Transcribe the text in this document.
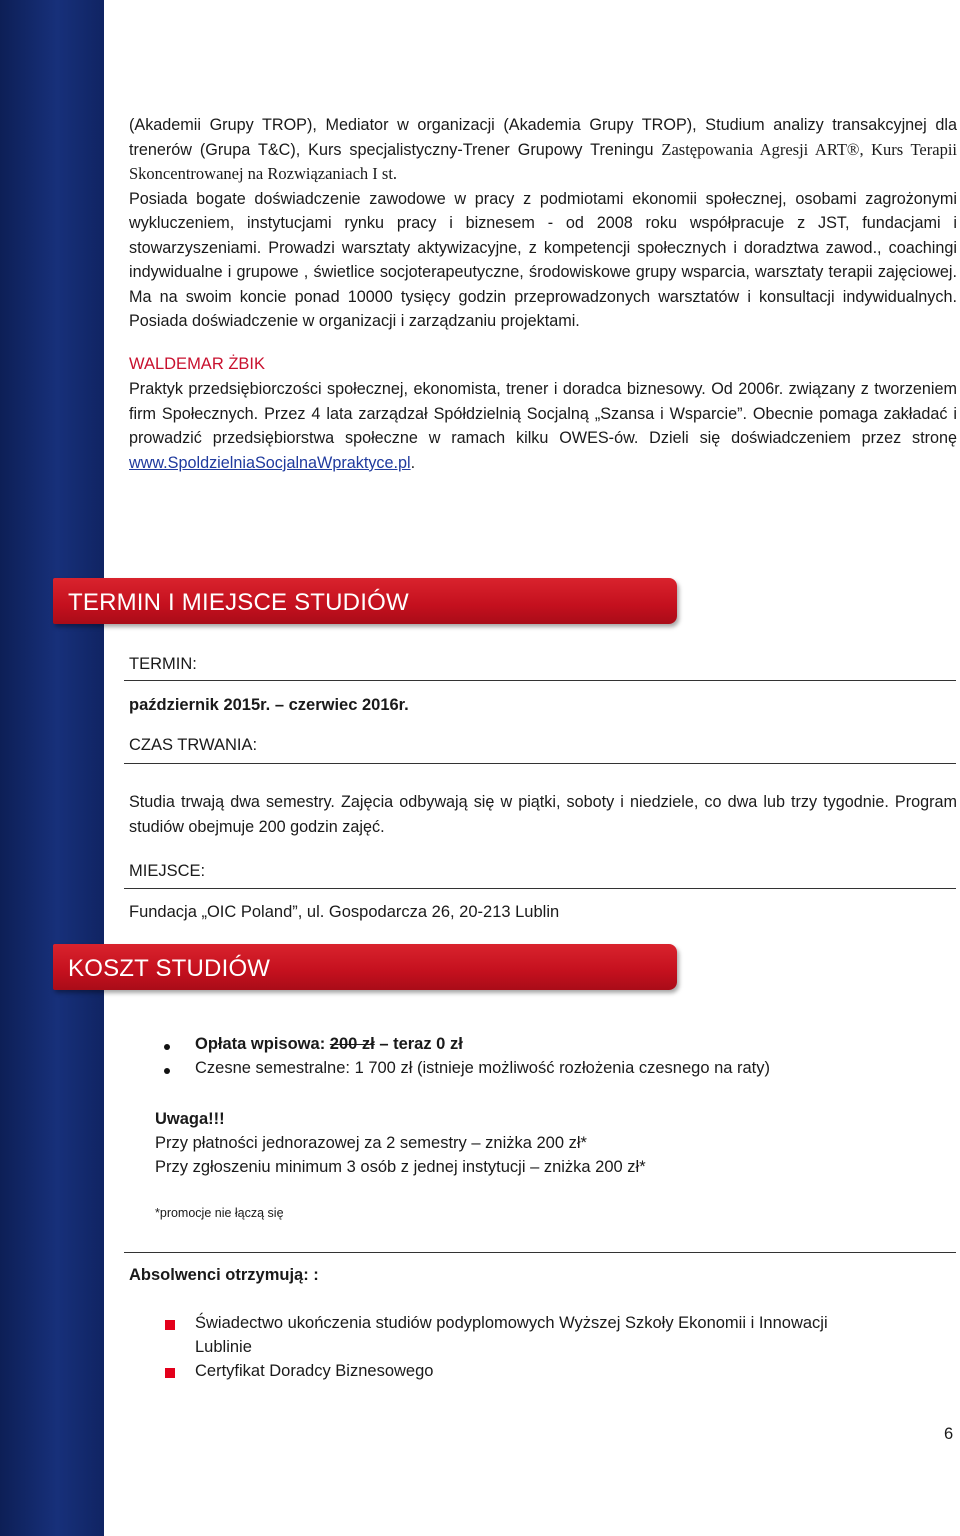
(Akademii Grupy TROP), Mediator w organizacji (Akademia Grupy TROP), Studium analizy transakcyjnej dla trenerów (Grupa T&C), Kurs specjalistyczny-Trener Grupowy Treningu Zastępowania Agresji ART®, Kurs Terapii Skoncentrowanej na Rozwiązaniach I st.

Posiada bogate doświadczenie zawodowe w pracy z podmiotami ekonomii społecznej, osobami zagrożonymi wykluczeniem, instytucjami rynku pracy i biznesem - od 2008 roku współpracuje z JST, fundacjami i stowarzyszeniami. Prowadzi warsztaty aktywizacyjne, z kompetencji społecznych i doradztwa zawod., coachingi indywidualne i grupowe , świetlice socjoterapeutyczne, środowiskowe grupy wsparcia, warsztaty terapii zajęciowej. Ma na swoim koncie ponad 10000 tysięcy godzin przeprowadzonych warsztatów i konsultacji indywidualnych. Posiada doświadczenie w organizacji i zarządzaniu projektami.

WALDEMAR ŻBIK

Praktyk przedsiębiorczości społecznej, ekonomista, trener i doradca biznesowy. Od 2006r. związany z tworzeniem firm Społecznych. Przez 4 lata zarządzał Spółdzielnią Socjalną „Szansa i Wsparcie”. Obecnie pomaga zakładać i prowadzić przedsiębiorstwa społeczne w ramach kilku OWES-ów. Dzieli się doświadczeniem przez stronę www.SpoldzielniaSocjalnaWpraktyce.pl.

TERMIN I MIEJSCE STUDIÓW

TERMIN:

październik 2015r. – czerwiec 2016r.

CZAS TRWANIA:

Studia trwają dwa semestry. Zajęcia odbywają się w piątki, soboty i niedziele, co dwa lub trzy tygodnie. Program studiów obejmuje 200 godzin zajęć.

MIEJSCE:

Fundacja „OIC Poland”, ul. Gospodarcza 26, 20-213 Lublin

KOSZT STUDIÓW

Opłata wpisowa: 200 zł – teraz 0 zł

Czesne semestralne: 1 700 zł (istnieje możliwość rozłożenia czesnego na raty)

Uwaga!!!

Przy płatności jednorazowej za 2 semestry – zniżka 200 zł*

Przy zgłoszeniu minimum 3 osób z jednej instytucji – zniżka 200 zł*

*promocje nie łączą się

Absolwenci otrzymują: :

Świadectwo ukończenia studiów podyplomowych Wyższej Szkoły Ekonomii i Innowacji

Lublinie

Certyfikat Doradcy Biznesowego

6
